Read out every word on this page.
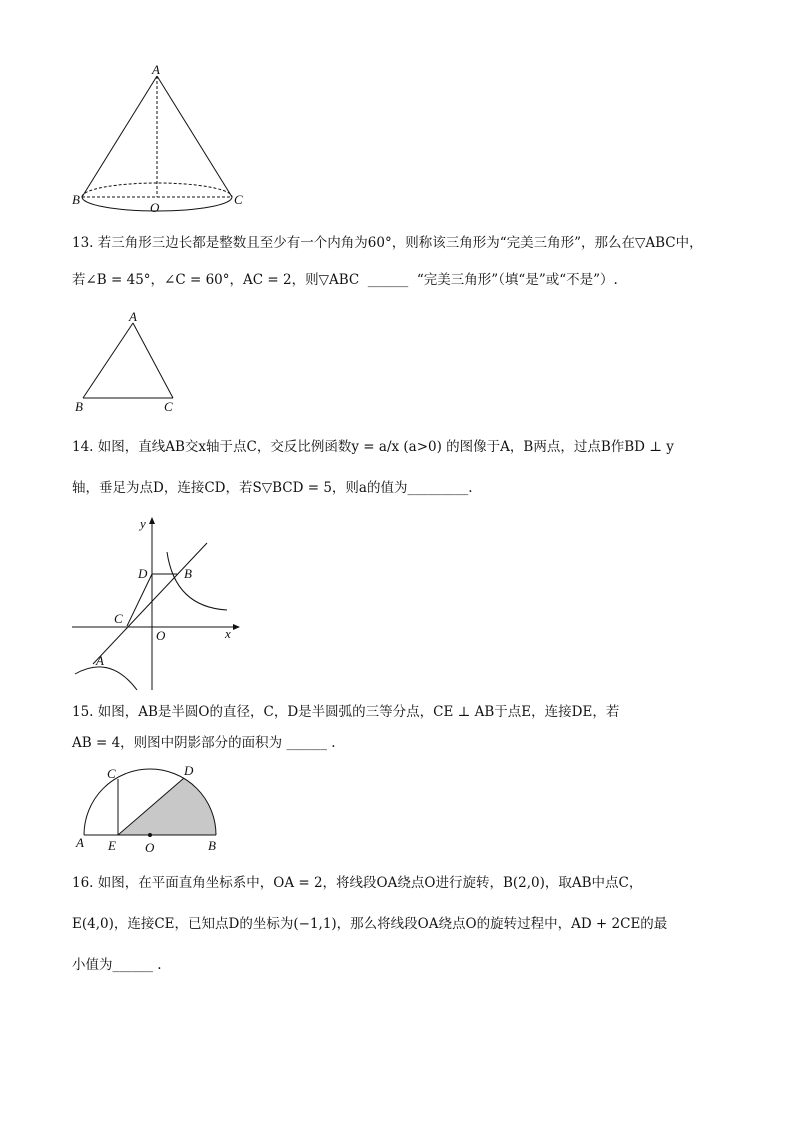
A
B	C
O
13. 若三角形三边长都是整数且至少有一个内角为60°，则称该三角形为“完美三角形”，那么在▽ABC中，
若∠B = 45°，∠C = 60°，AC = 2，则▽ABC  ______  “完美三角形”（填“是”或“不是”）.
A
B	C
14. 如图，直线AB交x轴于点C，交反比例函数y = a/x (a>0) 的图像于A，B两点，过点B作BD ⊥ y
轴，垂足为点D，连接CD，若S▽BCD = 5，则a的值为_________.
y
x
D	B
C
O
A
15. 如图，AB是半圆O的直径，C，D是半圆弧的三等分点，CE ⊥ AB于点E，连接DE，若
AB = 4，则图中阴影部分的面积为 ______ .
A E O	B
C	D
16. 如图，在平面直角坐标系中，OA = 2，将线段OA绕点O进行旋转，B(2,0)，取AB中点C，
E(4,0)，连接CE，已知点D的坐标为(−1,1)，那么将线段OA绕点O的旋转过程中，AD + 2CE的最
小值为______ .
